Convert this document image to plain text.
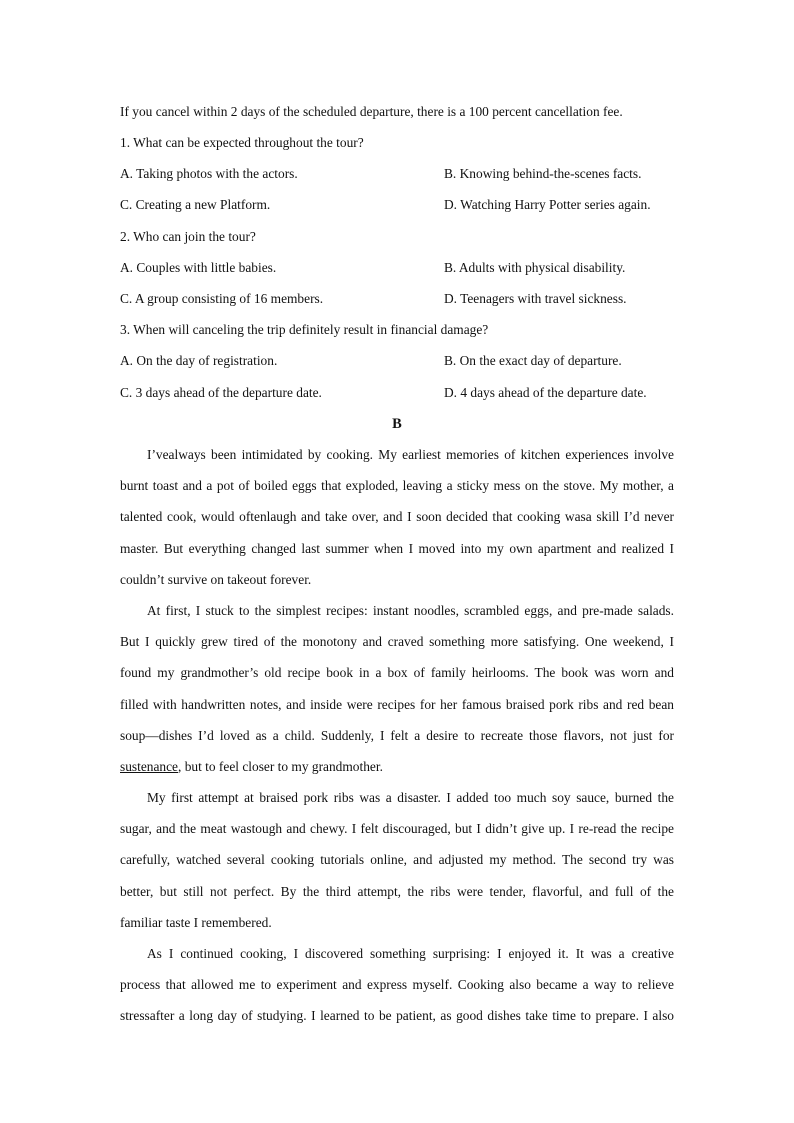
If you cancel within 2 days of the scheduled departure, there is a 100 percent cancellation fee.
1. What can be expected throughout the tour?
A. Taking photos with the actors.	B. Knowing behind-the-scenes facts.
C. Creating a new Platform.	D. Watching Harry Potter series again.
2. Who can join the tour?
A. Couples with little babies.	B. Adults with physical disability.
C. A group consisting of 16 members.	D. Teenagers with travel sickness.
3. When will canceling the trip definitely result in financial damage?
A. On the day of registration.	B. On the exact day of departure.
C. 3 days ahead of the departure date.	D. 4 days ahead of the departure date.
B
I’vealways been intimidated by cooking. My earliest memories of kitchen experiences involve
burnt toast and a pot of boiled eggs that exploded, leaving a sticky mess on the stove. My mother, a
talented cook, would oftenlaugh and take over, and I soon decided that cooking wasa skill I’d never
master. But everything changed last summer when I moved into my own apartment and realized I
couldn’t survive on takeout forever.
At first, I stuck to the simplest recipes: instant noodles, scrambled eggs, and pre-made salads.
But I quickly grew tired of the monotony and craved something more satisfying. One weekend, I
found my grandmother’s old recipe book in a box of family heirlooms. The book was worn and
filled with handwritten notes, and inside were recipes for her famous braised pork ribs and red bean
soup—dishes I’d loved as a child. Suddenly, I felt a desire to recreate those flavors, not just for
sustenance, but to feel closer to my grandmother.
My first attempt at braised pork ribs was a disaster. I added too much soy sauce, burned the
sugar, and the meat wastough and chewy. I felt discouraged, but I didn’t give up. I re-read the recipe
carefully, watched several cooking tutorials online, and adjusted my method. The second try was
better, but still not perfect. By the third attempt, the ribs were tender, flavorful, and full of the
familiar taste I remembered.
As I continued cooking, I discovered something surprising: I enjoyed it. It was a creative
process that allowed me to experiment and express myself. Cooking also became a way to relieve
stressafter a long day of studying. I learned to be patient, as good dishes take time to prepare. I also
